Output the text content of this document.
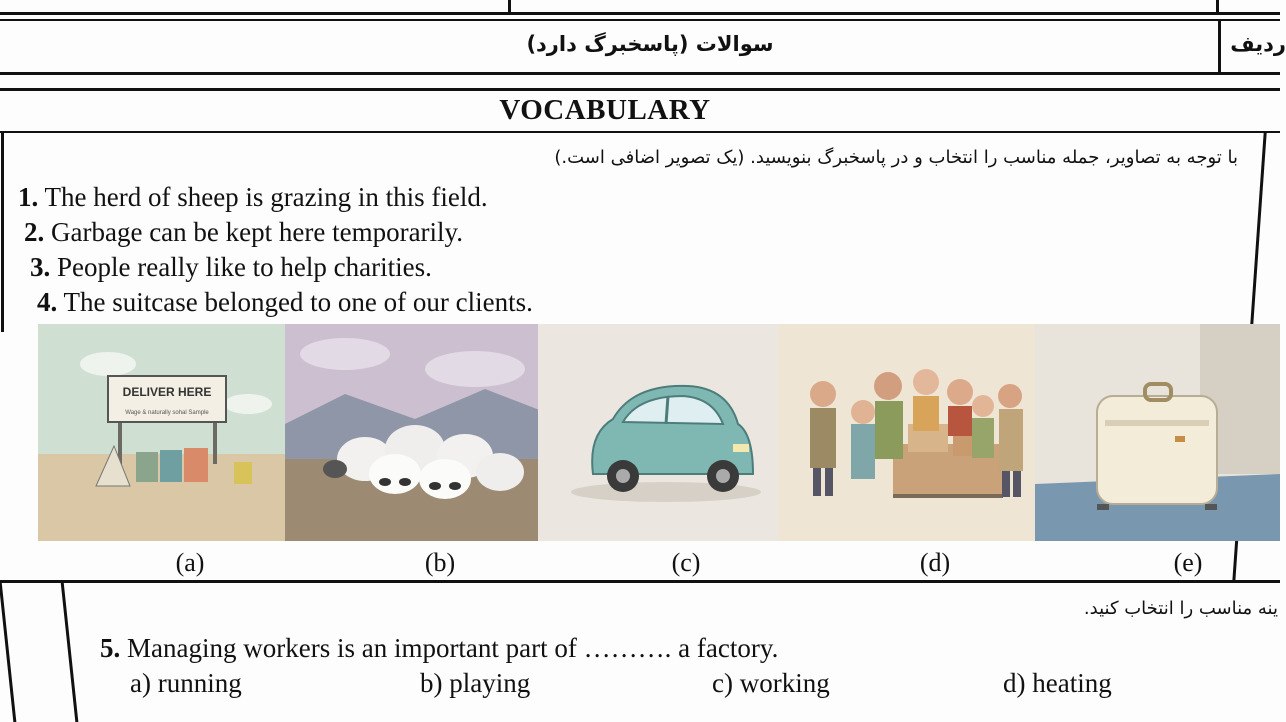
سوالات (پاسخبرگ دارد)	ردیف
VOCABULARY
با توجه به تصاویر، جمله مناسب را انتخاب و در پاسخبرگ بنویسید. (یک تصویر اضافی است.)
1. The herd of sheep is grazing in this field.
2. Garbage can be kept here temporarily.
3. People really like to help charities.
4. The suitcase belonged to one of our clients.
DELIVER HERE
Wage & naturally sohal Sample
(a)	(b)	(c)	(d)	(e)
ینه مناسب را انتخاب کنید.
5. Managing workers is an important part of ………. a factory.
a) running	b) playing	c) working	d) heating
